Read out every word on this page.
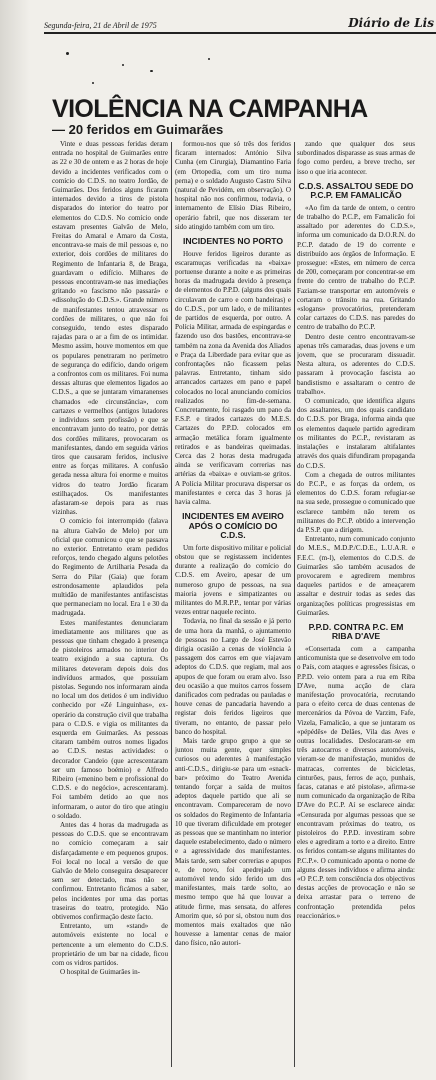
Segunda-feira, 21 de Abril de 1975	Diário de Lis
VIOLÊNCIA NA CAMPANHA
— 20 feridos em Guimarães

Vinte e duas pessoas feridas deram entrada no hospital de Guimarães entre as 22 e 30 de ontem e as 2 horas de hoje devido a incidentes verificados com o comício do C.D.S. no teatro Jordão, de Guimarães. Dos feridos alguns ficaram internados devido a tiros de pistola disparados do interior do teatro por elementos do C.D.S. No comício onde estavam presentes Galvão de Melo, Freitas do Amaral e Amaro da Costa, encontrava-se mais de mil pessoas e, no exterior, dois cordões de militares do Regimento de Infantaria 8, de Braga, guardavam o edifício. Milhares de pessoas encontravam-se nas imediações gritando «o fascismo não passará» e «dissolução do C.D.S.». Grande número de manifestantes tentou atravessar os cordões de militares, o que não foi conseguido, tendo estes disparado rajadas para o ar a fim de os intimidar. Mesmo assim, houve momentos em que os populares penetraram no perímetro de segurança do edifício, dando origem a confrontos com os militares. Foi numa dessas alturas que elementos ligados ao C.D.S., a que se juntaram vimaranenses chamados «de circunstância», com cartazes e vermelhos (antigos lutadores e individuos sem profissão) e que se encontravam junto do teatro, por detrás dos cordões militares, provocaram os manifestantes, dando em seguida vários tiros que causaram feridos, inclusive entre as forças militares. A confusão gerada nessa altura foi enorme e muitos vidros do teatro Jordão ficaram estilhaçados. Os manifestantes afastaram-se depois para as ruas vizinhas.

O comício foi interrompido (falava na altura Galvão de Melo) por um oficial que comunicou o que se passava no exterior. Entretanto eram pedidos reforços, tendo chegado alguns pelotões do Regimento de Artilharia Pesada da Serra do Pilar (Gaia) que foram estrondosamente aplaudidos pela multidão de manifestantes antifascistas que permaneciam no local. Era 1 e 30 da madrugada.

Estes manifestantes denunciaram imediatamente aos militares que as pessoas que tinham chegado à presença de pistoleiros armados no interior do teatro exigindo a sua captura. Os militares deteveram depois dois dos indivíduos armados, que possuíam pistolas. Segundo nos informaram ainda no local um dos detidos é um indivíduo conhecido por «Zé Linguinhas», ex-operário da construção civil que trabalha para o C.D.S. e vigia os militantes da esquerda em Guimarães. As pessoas citaram também outros nomes ligados ao C.D.S. nestas actividades: o decorador Candeio (que acrescentaram ser um famoso boémio) e Alfredo Ribeiro («menino bem e profissional do C.D.S. e do negócio», acrescentaram). Foi também detido ao que nos informaram, o autor do tiro que atingiu o soldado.

Antes das 4 horas da madrugada as pessoas do C.D.S. que se encontravam no comício começaram a sair disfarçadamente e em pequenos grupos. Foi local no local a versão de que Galvão de Melo conseguira desaparecer sem ser detectado, mas não se confirmou. Entretanto ficámos a saber, pelos incidentes por uma das portas traseiras do teatro, protegido. Não obtivemos confirmação deste facto.

Entretanto, um «stand» de automóveis existente no local e pertencente a um elemento do C.D.S. proprietário de um bar na cidade, ficou com os vidros partidos.

O hospital de Guimarães in-

formou-nos que só três dos feridos ficaram internados: António Silva Cunha (em Cirurgia), Diamantino Faria (em Ortopedia, com um tiro numa perna) e o soldado Augusto Castro Silva (natural de Pevidém, em observação). O hospital não nos confirmou, todavia, o internamento de Elísio Dias Ribeiro, operário fabril, que nos disseram ter sido atingido também com um tiro.

INCIDENTES NO PORTO

Houve feridos ligeiros durante as escaramuças verificadas na «baixa» portuense durante a noite e as primeiras horas da madrugada devido à presença de elementos do P.P.D. (alguns dos quais circulavam de carro e com bandeiras) e do C.D.S., por um lado, e de militantes de partidos de esquerda, por outro. A Polícia Militar, armada de espingardas e fazendo uso dos bastões, encontrava-se também na zona da Avenida dos Aliados e Praça da Liberdade para evitar que as confrontações não ficassem pelas palavras. Entretanto, tinham sido arrancados cartazes em pano e papel colocados no local anunciando comícios realizados no fim-de-semana. Concretamente, foi rasgado um pano da F.S.P. e tirados cartazes do M.E.S. Cartazes do P.P.D. colocados em armação metálica foram igualmente retirados e as bandeiras queimadas. Cerca das 2 horas desta madrugada ainda se verificavam correrias nas artérias da «baixa» e ouviam-se gritos. A Polícia Militar procurava dispersar os manifestantes e cerca das 3 horas já havia calma.

INCIDENTES EM AVEIRO APÓS O COMÍCIO DO C.D.S.

Um forte dispositivo militar e policial obstou que se registassem incidentes durante a realização do comício do C.D.S. em Aveiro, apesar de um numeroso grupo de pessoas, na sua maioria jovens e simpatizantes ou militantes do M.R.P.P., tentar por várias vezes entrar naquele recinto.

Todavia, no final da sessão e já perto de uma hora da manhã, o ajuntamento de pessoas no Largo de José Estevão dirigia ocasião a cenas de violência à passagem dos carros em que viajavam adeptos do C.D.S. que regiam, mal aos apupos de que foram ou eram alvo. Isso deu ocasião a que muitos carros fossem danificados com pedradas ou pauladas e houve cenas de pancadaria havendo a registar dois feridos ligeiros que tiveram, no entanto, de passar pelo banco do hospital.

Mais tarde grupo grupo a que se juntou muita gente, quer simples curiosos ou aderentes à manifestação anti-C.D.S., dirigiu-se para um «snack-bar» próximo do Teatro Avenida tentando forçar a saída de muitos adeptos daquele partido que ali se encontravam. Compareceram de novo os soldados do Regimento de Infantaria 10 que tiveram dificuldade em proteger as pessoas que se mantinham no interior daquele estabelecimento, dado o número e a agressividade dos manifestantes. Mais tarde, sem saber correrias e apupos e, de novo, foi apedrejado um automóvel tendo sido ferido um dos manifestantes, mais tarde solto, ao mesmo tempo que há que louvar a atitude firme, mas sensata, do alferes Amorim que, só por si, obstou num dos momentos mais exaltados que não houvesse a lamentar cenas de maior dano físico, não autori-

zando que qualquer dos seus subordinados disparasse as suas armas de fogo como perdeu, a breve trecho, ser isso o que iria acontecer.

C.D.S. ASSALTOU SEDE DO P.C.P. EM FAMALICÃO

«Ao fim da tarde de ontem, o centro de trabalho do P.C.P., em Famalicão foi assaltado por aderentes do C.D.S.», informa um comunicado da D.O.R.N. do P.C.P. datado de 19 do corrente e distribuído aos órgãos de Informação. E prossegue: «Estes, em número de cerca de 200, começaram por concentrar-se em frente do centro de trabalho do P.C.P. Faziam-se transportar em automóveis e cortaram o trânsito na rua. Gritando «slogans» provocatórios, pretenderam colar cartazes do C.D.S. nas paredes do centro de trabalho do P.C.P.

Dentro deste centro encontravam-se apenas três camaradas, duas jovens e um jovem, que se procuraram dissuadir. Nesta altura, os aderentes do C.D.S. passaram à provocação fascista ao bandistismo e assaltaram o centro de trabalho».

O comunicado, que identifica alguns dos assaltantes, um dos quais candidato do C.D.S. por Braga, informa ainda que os elementos daquele partido agrediram os militantes do P.C.P., revistaram as instalações e instalaram altifalantes através dos quais difundiram propaganda do C.D.S.

Com a chegada de outros militantes do P.C.P., e as forças da ordem, os elementos do C.D.S. foram refugiar-se na sua sede, prossegue o comunicado que esclarece também não terem os militantes do P.C.P. obtido a intervenção da P.S.P. que a dirigem.

Entretanto, num comunicado conjunto do M.E.S., M.D.P./C.D.E., L.U.A.R. e F.E.C. (m-l), elementos do C.D.S. de Guimarães são também acusados de provocarem e agredirem membros daqueles partidos e de ameaçarem assaltar e destruir todas as sedes das organizações políticas progressistas em Guimarães.

P.P.D. CONTRA P.C. EM RIBA D'AVE

«Consertada com a campanha anticomunista que se desenvolve em todo o País, com ataques e agressões físicas, o P.P.D. veio ontem para a rua em Riba D'Ave, numa acção de clara manifestação provocatória, recrutando para o efeito cerca de duas centenas de mercenários da Póvoa de Varzim, Fafe, Vizela, Famalicão, a que se juntaram os «pépédês» de Delães, Vila das Aves e outras localidades. Deslocaram-se em três autocarros e diversos automóveis, vieram-se de manifestação, munidos de matracas, correntes de bicicletas, cinturões, paus, ferros de aço, punhais, facas, catanas e até pistolas», afirma-se num comunicado da organização de Riba D'Ave do P.C.P. Aí se esclarece ainda: «Censurada por algumas pessoas que se encontravam próximas do teatro, os pistoleiros do P.P.D. investiram sobre eles e agrediram a torto e a direito. Entre os feridos contam-se alguns militantes do P.C.P.». O comunicado aponta o nome de alguns desses indivíduos e afirma ainda: «O P.C.P. tem consciência dos objectivos destas acções de provocação e não se deixa arrastar para o terreno de confrontação pretendida pelos reaccionários.»
